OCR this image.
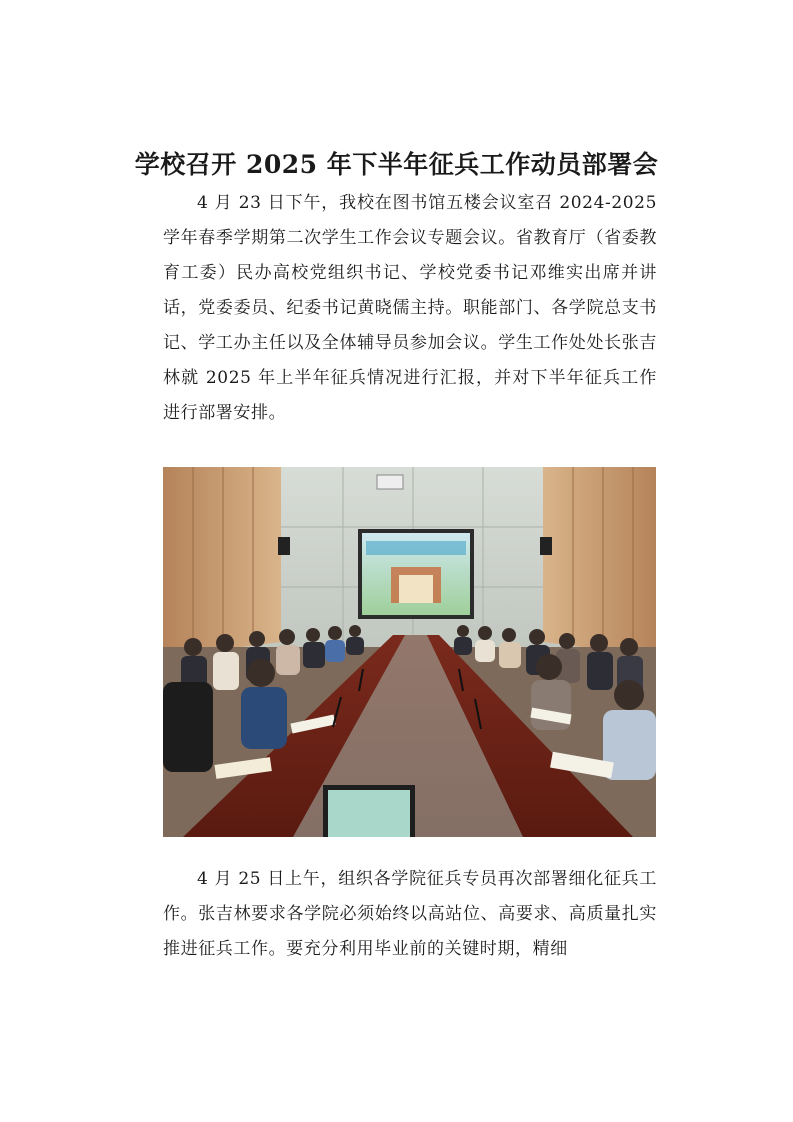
学校召开 2025 年下半年征兵工作动员部署会

4 月 23 日下午，我校在图书馆五楼会议室召 2024-2025 学年春季学期第二次学生工作会议专题会议。省教育厅（省委教育工委）民办高校党组织书记、学校党委书记邓维实出席并讲话，党委委员、纪委书记黄晓儒主持。职能部门、各学院总支书记、学工办主任以及全体辅导员参加会议。学生工作处处长张吉林就 2025 年上半年征兵情况进行汇报，并对下半年征兵工作进行部署安排。

4 月 25 日上午，组织各学院征兵专员再次部署细化征兵工作。张吉林要求各学院必须始终以高站位、高要求、高质量扎实推进征兵工作。要充分利用毕业前的关键时期，精细
